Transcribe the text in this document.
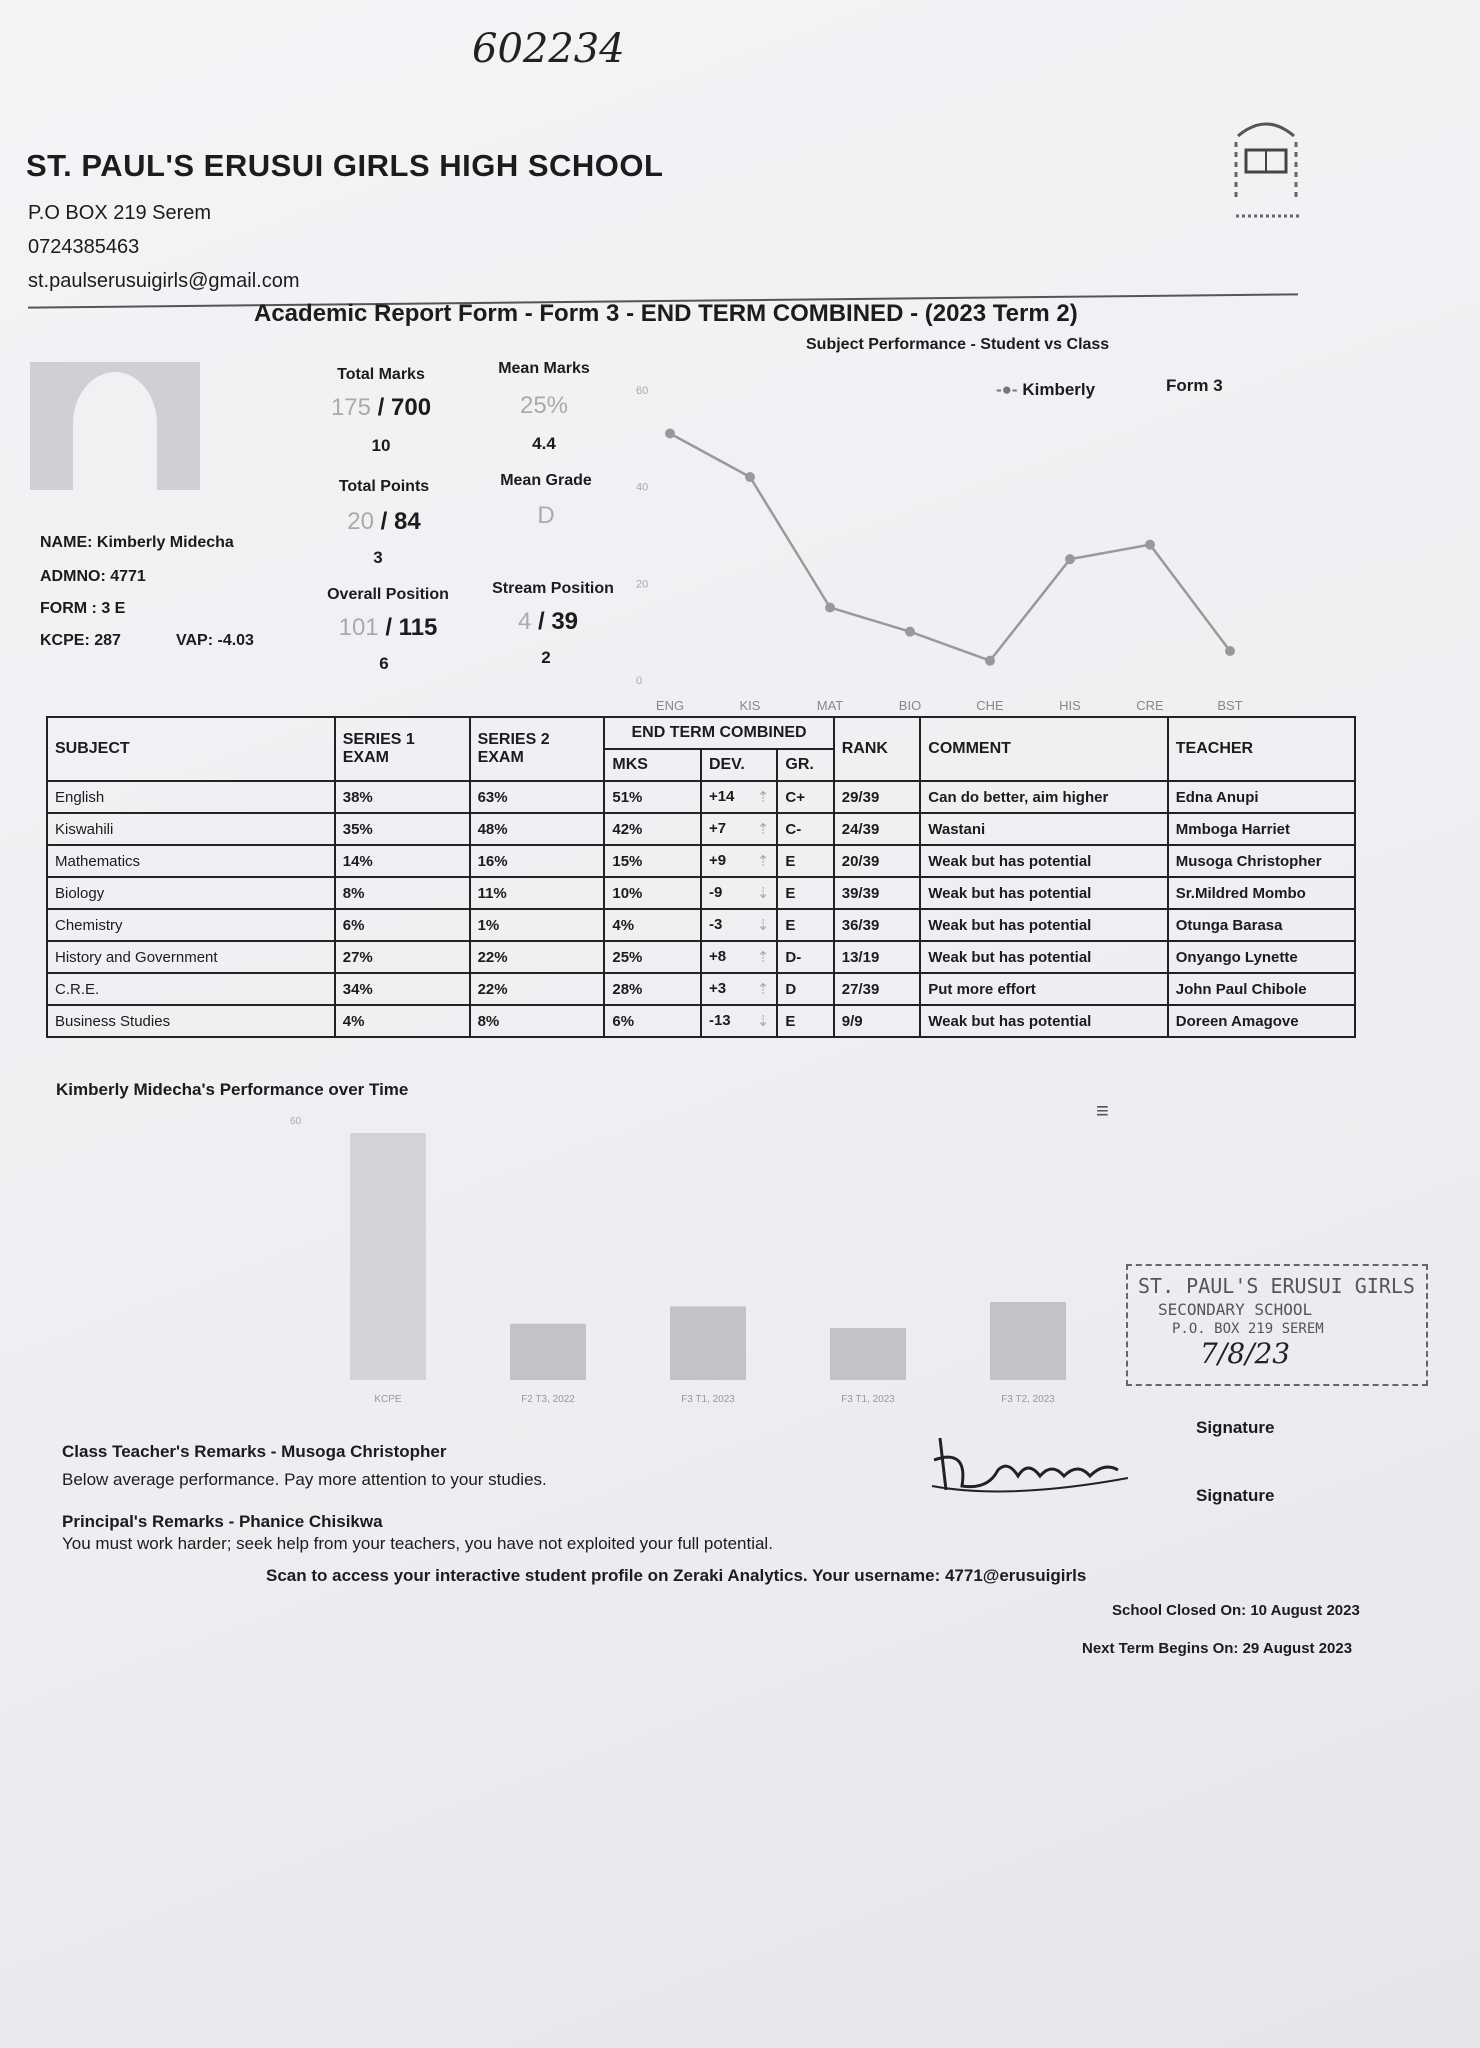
602234
ST. PAUL'S ERUSUI GIRLS HIGH SCHOOL
P.O BOX 219 Serem
0724385463
st.paulserusuigirls@gmail.com
Academic Report Form - Form 3 - END TERM COMBINED - (2023 Term 2)
NAME: Kimberly Midecha
ADMNO: 4771
FORM : 3 E
KCPE: 287	VAP: -4.03
Total Marks
175 / 700
10
Mean Marks
25%
4.4
Total Points
20 / 84
3
Mean Grade
D
Overall Position
101 / 115
6
Stream Position
4 / 39
2
Subject Performance - Student vs Class
-●- Kimberly	Form 3
0
20
40
60
ENG	KIS	MAT	BIO	CHE	HIS	CRE	BST
SUBJECT	SERIES 1 EXAM	SERIES 2 EXAM	END TERM COMBINED			RANK	COMMENT	TEACHER
			MKS	DEV.	GR.			
English	38%	63%	51%	+14 ⇡	C+	29/39	Can do better, aim higher	Edna Anupi
Kiswahili	35%	48%	42%	+7 ⇡	C-	24/39	Wastani	Mmboga Harriet
Mathematics	14%	16%	15%	+9 ⇡	E	20/39	Weak but has potential	Musoga Christopher
Biology	8%	11%	10%	-9 ⇣	E	39/39	Weak but has potential	Sr.Mildred Mombo
Chemistry	6%	1%	4%	-3 ⇣	E	36/39	Weak but has potential	Otunga Barasa
History and Government	27%	22%	25%	+8 ⇡	D-	13/19	Weak but has potential	Onyango Lynette
C.R.E.	34%	22%	28%	+3 ⇡	D	27/39	Put more effort	John Paul Chibole
Business Studies	4%	8%	6%	-13 ⇣	E	9/9	Weak but has potential	Doreen Amagove
Kimberly Midecha's Performance over Time
≡
60
KCPE	F2 T3, 2022	F3 T1, 2023	F3 T1, 2023	F3 T2, 2023
ST. PAUL'S ERUSUI GIRLS
SECONDARY SCHOOL
P.O. BOX 219 SEREM
7/8/23
Class Teacher's Remarks - Musoga Christopher
Below average performance. Pay more attention to your studies.
Principal's Remarks - Phanice Chisikwa
You must work harder; seek help from your teachers, you have not exploited your full potential.
Signature
Signature
Scan to access your interactive student profile on Zeraki Analytics. Your username: 4771@erusuigirls
School Closed On: 10 August 2023
Next Term Begins On: 29 August 2023
